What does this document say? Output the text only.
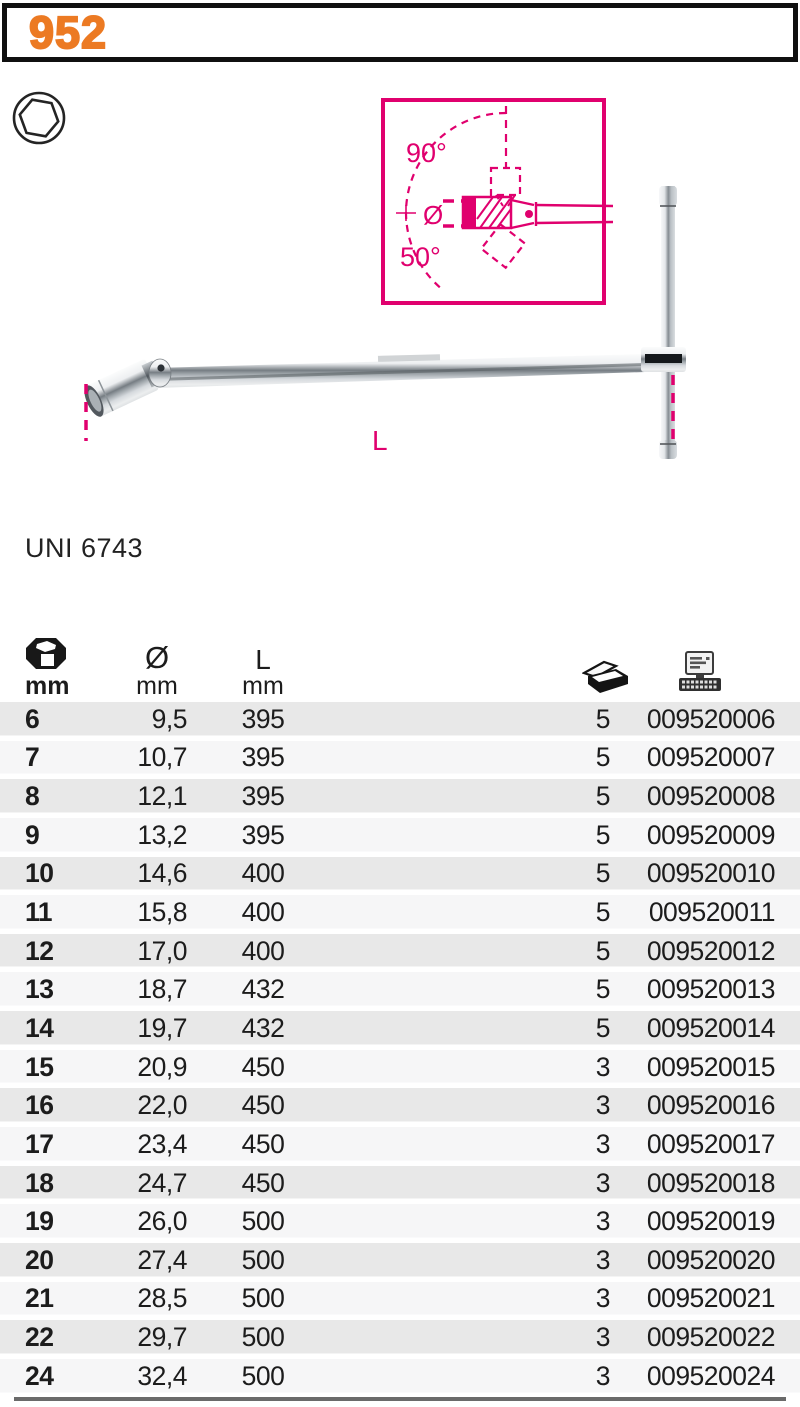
952
90°
Ø
50°
L
UNI 6743
Ø	L
mm	mm	mm
6	9,5	395	5	009520006
7	10,7	395	5	009520007
8	12,1	395	5	009520008
9	13,2	395	5	009520009
10	14,6	400	5	009520010
11	15,8	400	5	009520011
12	17,0	400	5	009520012
13	18,7	432	5	009520013
14	19,7	432	5	009520014
15	20,9	450	3	009520015
16	22,0	450	3	009520016
17	23,4	450	3	009520017
18	24,7	450	3	009520018
19	26,0	500	3	009520019
20	27,4	500	3	009520020
21	28,5	500	3	009520021
22	29,7	500	3	009520022
24	32,4	500	3	009520024
